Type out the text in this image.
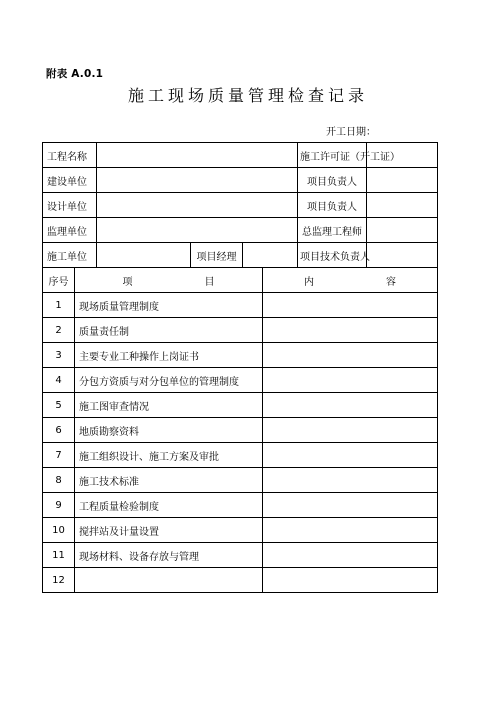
附表 A.0.1
施工现场质量管理检查记录
开工日期：
工程名称						施工许可证（开工证）	
建设单位						项目负责人	
设计单位						项目负责人	
监理单位						总监理工程师	
施工单位			项目经理			项目技术负责人	
序号	项 目				内 容		
1	现场质量管理制度						
2	质量责任制						
3	主要专业工种操作上岗证书						
4	分包方资质与对分包单位的管理制度						
5	施工图审查情况						
6	地质勘察资料						
7	施工组织设计、施工方案及审批						
8	施工技术标准						
9	工程质量检验制度						
10	搅拌站及计量设置						
11	现场材料、设备存放与管理						
12							
